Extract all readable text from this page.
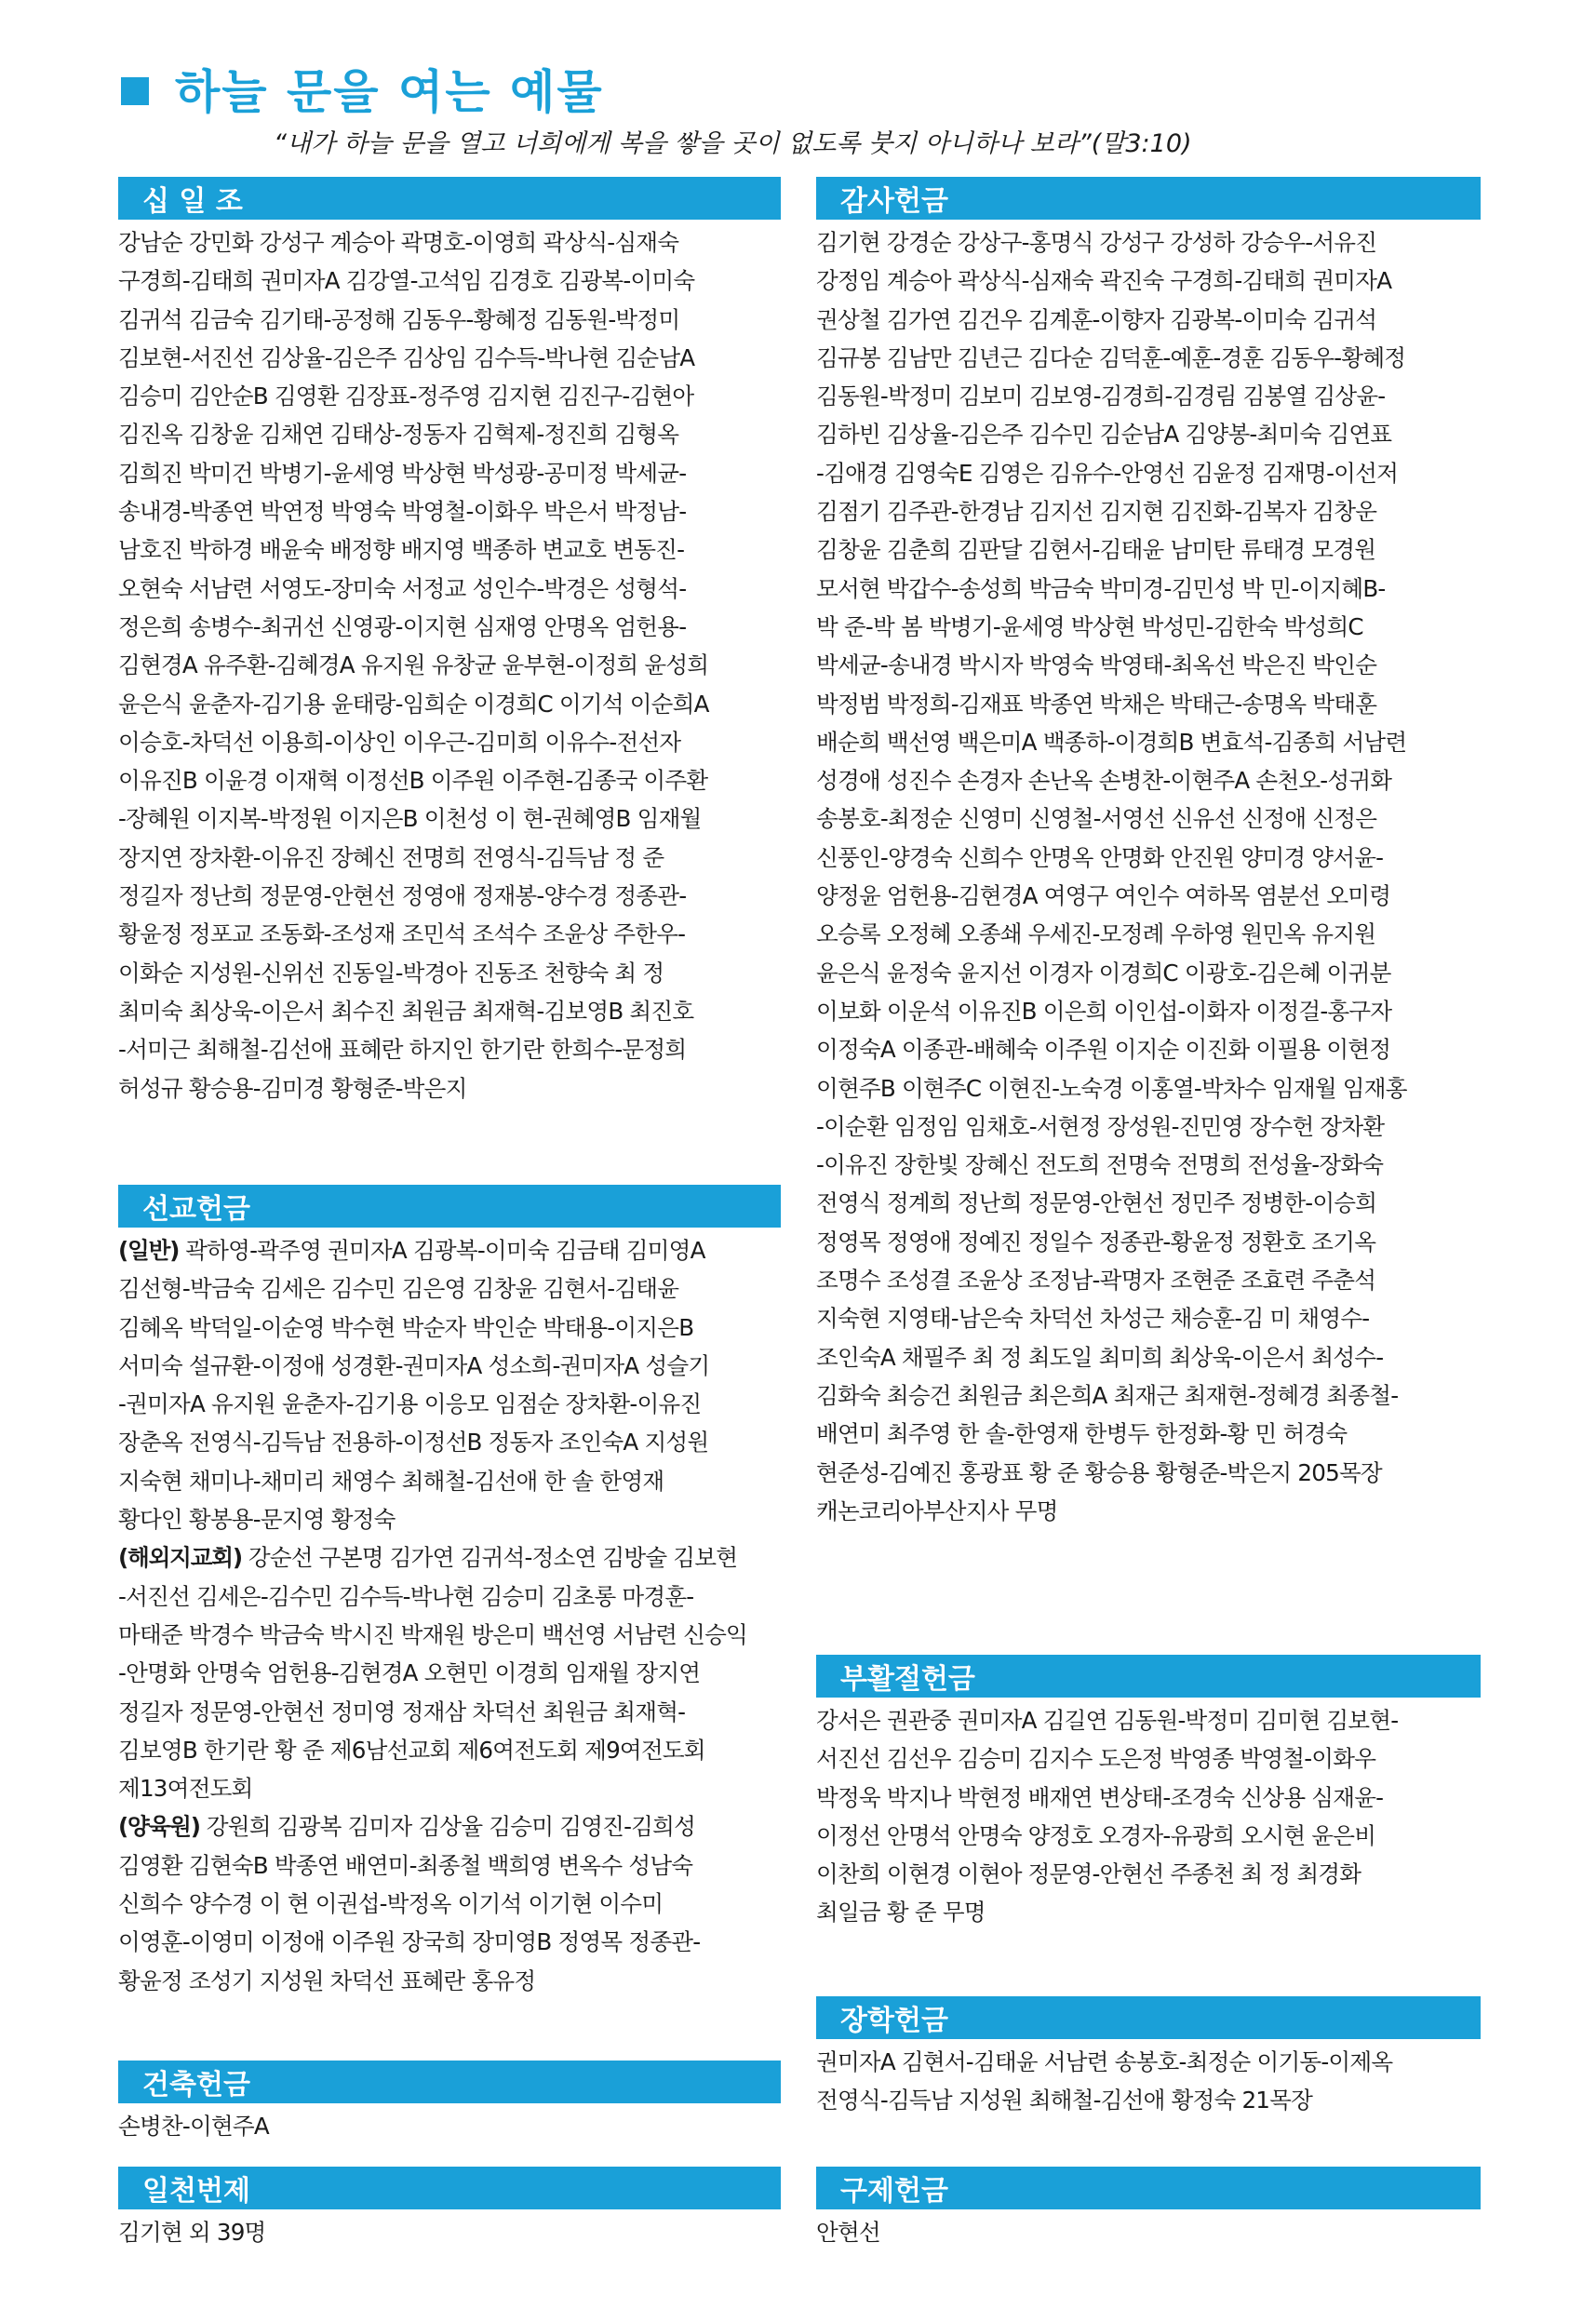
하늘 문을 여는 예물
“내가 하늘 문을 열고 너희에게 복을 쌓을 곳이 없도록 붓지 아니하나 보라”(말3:10)
십 일 조
강남순 강민화 강성구 계승아 곽명호-이영희 곽상식-심재숙
구경희-김태희 권미자A 김강열-고석임 김경호 김광복-이미숙
김귀석 김금숙 김기태-공정해 김동우-황혜정 김동원-박정미
김보현-서진선 김상율-김은주 김상임 김수득-박나현 김순남A
김승미 김안순B 김영환 김장표-정주영 김지현 김진구-김현아
김진옥 김창윤 김채연 김태상-정동자 김혁제-정진희 김형옥
김희진 박미건 박병기-윤세영 박상현 박성광-공미정 박세균-
송내경-박종연 박연정 박영숙 박영철-이화우 박은서 박정남-
남호진 박하경 배윤숙 배정향 배지영 백종하 변교호 변동진-
오현숙 서남련 서영도-장미숙 서정교 성인수-박경은 성형석-
정은희 송병수-최귀선 신영광-이지현 심재영 안명옥 엄헌용-
김현경A 유주환-김혜경A 유지원 유창균 윤부현-이정희 윤성희
윤은식 윤춘자-김기용 윤태랑-임희순 이경희C 이기석 이순희A
이승호-차덕선 이용희-이상인 이우근-김미희 이유수-전선자
이유진B 이윤경 이재혁 이정선B 이주원 이주현-김종국 이주환
-장혜원 이지복-박정원 이지은B 이천성 이 현-권혜영B 임재월
장지연 장차환-이유진 장혜신 전명희 전영식-김득남 정 준
정길자 정난희 정문영-안현선 정영애 정재봉-양수경 정종관-
황윤정 정포교 조동화-조성재 조민석 조석수 조윤상 주한우-
이화순 지성원-신위선 진동일-박경아 진동조 천향숙 최 정
최미숙 최상욱-이은서 최수진 최원금 최재혁-김보영B 최진호
-서미근 최해철-김선애 표혜란 하지인 한기란 한희수-문정희
허성규 황승용-김미경 황형준-박은지
선교헌금
(일반) 곽하영-곽주영 권미자A 김광복-이미숙 김금태 김미영A
김선형-박금숙 김세은 김수민 김은영 김창윤 김현서-김태윤
김혜옥 박덕일-이순영 박수현 박순자 박인순 박태용-이지은B
서미숙 설규환-이정애 성경환-권미자A 성소희-권미자A 성슬기
-권미자A 유지원 윤춘자-김기용 이응모 임점순 장차환-이유진
장춘옥 전영식-김득남 전용하-이정선B 정동자 조인숙A 지성원
지숙현 채미나-채미리 채영수 최해철-김선애 한 솔 한영재
황다인 황봉용-문지영 황정숙
(해외지교회) 강순선 구본명 김가연 김귀석-정소연 김방술 김보현
-서진선 김세은-김수민 김수득-박나현 김승미 김초롱 마경훈-
마태준 박경수 박금숙 박시진 박재원 방은미 백선영 서남련 신승익
-안명화 안명숙 엄헌용-김현경A 오현민 이경희 임재월 장지연
정길자 정문영-안현선 정미영 정재삼 차덕선 최원금 최재혁-
김보영B 한기란 황 준 제6남선교회 제6여전도회 제9여전도회
제13여전도회
(양육원) 강원희 김광복 김미자 김상율 김승미 김영진-김희성
김영환 김현숙B 박종연 배연미-최종철 백희영 변옥수 성남숙
신희수 양수경 이 현 이권섭-박정옥 이기석 이기현 이수미
이영훈-이영미 이정애 이주원 장국희 장미영B 정영목 정종관-
황윤정 조성기 지성원 차덕선 표혜란 홍유정
건축헌금
손병찬-이현주A
일천번제
김기현 외 39명
감사헌금
김기현 강경순 강상구-홍명식 강성구 강성하 강승우-서유진
강정임 계승아 곽상식-심재숙 곽진숙 구경희-김태희 권미자A
권상철 김가연 김건우 김계훈-이향자 김광복-이미숙 김귀석
김규봉 김남만 김년근 김다순 김덕훈-예훈-경훈 김동우-황혜정
김동원-박정미 김보미 김보영-김경희-김경림 김봉열 김상윤-
김하빈 김상율-김은주 김수민 김순남A 김양봉-최미숙 김연표
-김애경 김영숙E 김영은 김유수-안영선 김윤정 김재명-이선저
김점기 김주관-한경남 김지선 김지현 김진화-김복자 김창운
김창윤 김춘희 김판달 김현서-김태윤 남미탄 류태경 모경원
모서현 박갑수-송성희 박금숙 박미경-김민성 박 민-이지혜B-
박 준-박 봄 박병기-윤세영 박상현 박성민-김한숙 박성희C
박세균-송내경 박시자 박영숙 박영태-최옥선 박은진 박인순
박정범 박정희-김재표 박종연 박채은 박태근-송명옥 박태훈
배순희 백선영 백은미A 백종하-이경희B 변효석-김종희 서남련
성경애 성진수 손경자 손난옥 손병찬-이현주A 손천오-성귀화
송봉호-최정순 신영미 신영철-서영선 신유선 신정애 신정은
신풍인-양경숙 신희수 안명옥 안명화 안진원 양미경 양서윤-
양정윤 엄헌용-김현경A 여영구 여인수 여하목 염분선 오미령
오승록 오정혜 오종쇄 우세진-모정례 우하영 원민옥 유지원
윤은식 윤정숙 윤지선 이경자 이경희C 이광호-김은혜 이귀분
이보화 이운석 이유진B 이은희 이인섭-이화자 이정걸-홍구자
이정숙A 이종관-배혜숙 이주원 이지순 이진화 이필용 이현정
이현주B 이현주C 이현진-노숙경 이홍열-박차수 임재월 임재홍
-이순환 임정임 임채호-서현정 장성원-진민영 장수헌 장차환
-이유진 장한빛 장혜신 전도희 전명숙 전명희 전성율-장화숙
전영식 정계희 정난희 정문영-안현선 정민주 정병한-이승희
정영목 정영애 정예진 정일수 정종관-황윤정 정환호 조기옥
조명수 조성결 조윤상 조정남-곽명자 조현준 조효련 주춘석
지숙현 지영태-남은숙 차덕선 차성근 채승훈-김 미 채영수-
조인숙A 채필주 최 정 최도일 최미희 최상욱-이은서 최성수-
김화숙 최승건 최원금 최은희A 최재근 최재현-정혜경 최종철-
배연미 최주영 한 솔-한영재 한병두 한정화-황 민 허경숙
현준성-김예진 홍광표 황 준 황승용 황형준-박은지 205목장
캐논코리아부산지사 무명
부활절헌금
강서은 권관중 권미자A 김길연 김동원-박정미 김미현 김보현-
서진선 김선우 김승미 김지수 도은정 박영종 박영철-이화우
박정욱 박지나 박현정 배재연 변상태-조경숙 신상용 심재윤-
이정선 안명석 안명숙 양정호 오경자-유광희 오시현 윤은비
이찬희 이현경 이현아 정문영-안현선 주종천 최 정 최경화
최일금 황 준 무명
장학헌금
권미자A 김현서-김태윤 서남련 송봉호-최정순 이기동-이제옥
전영식-김득남 지성원 최해철-김선애 황정숙 21목장
구제헌금
안현선
